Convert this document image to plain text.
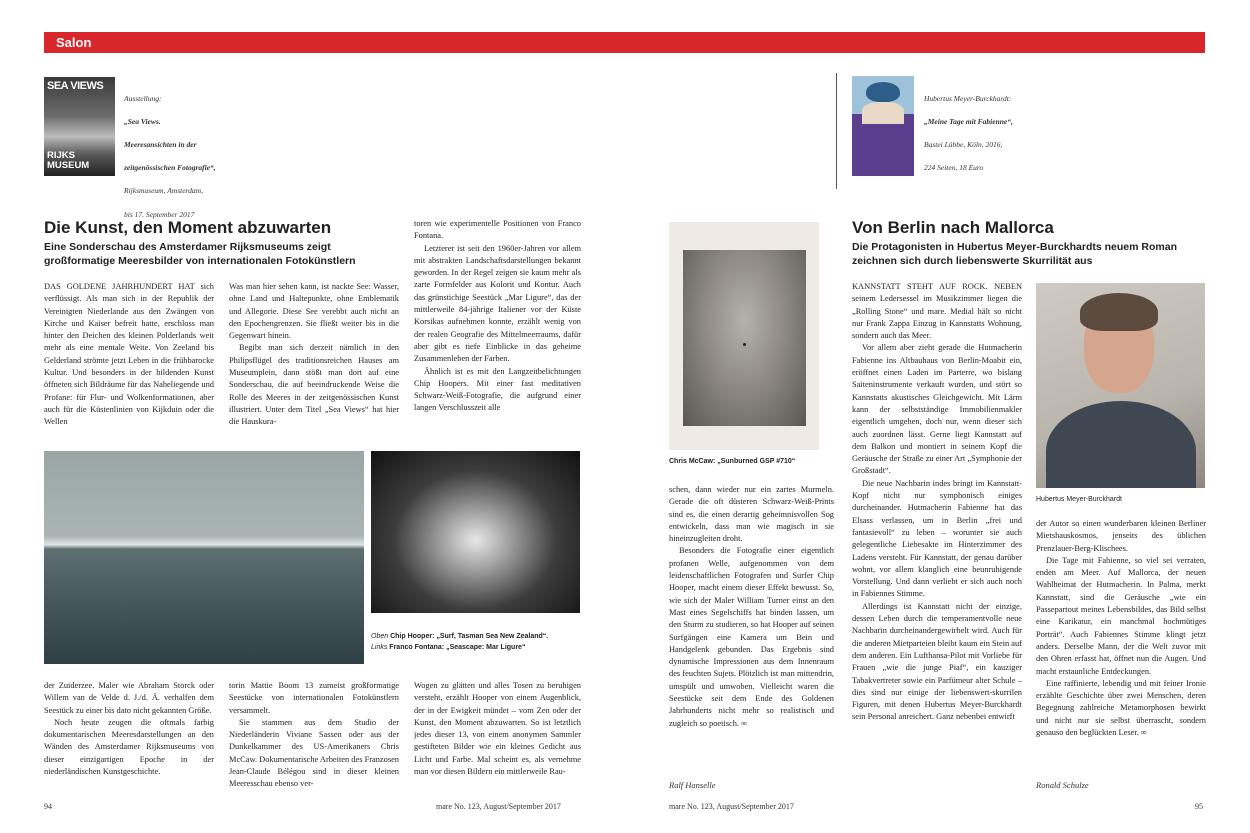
Salon
SEA VIEWS
RIJKS MUSEUM

Ausstellung:

„Sea Views.

Meeresansichten in der

zeitgenössischen Fotografie“,

Rijksmuseum, Amsterdam,

bis 17. September 2017

Hubertus Meyer-Burckhardt:

„Meine Tage mit Fabienne“,

Bastei Lübbe, Köln, 2016,

224 Seiten, 18 Euro

Die Kunst, den Moment abzuwarten
Eine Sonderschau des Amsterdamer Rijksmuseums zeigt großformatige Meeresbilder von internationalen Fotokünstlern

DAS GOLDENE JAHRHUNDERT HAT sich verflüssigt. Als man sich in der Republik der Vereinigten Niederlande aus den Zwängen von Kirche und Kaiser befreit hatte, erschloss man hinter den Deichen des kleinen Polderlands weit mehr als eine mentale Weite. Von Zeeland bis Gelderland strömte jetzt Leben in die frühbarocke Kultur. Und besonders in der bildenden Kunst öffneten sich Bildräume für das Naheliegende und Profane: für Flur- und Wolkenformationen, aber auch für die Küstenlinien von Kijkduin oder die Wellen

Was man hier sehen kann, ist nackte See: Wasser, ohne Land und Haltepunkte, ohne Emblematik und Allegorie. Diese See verebbt auch nicht an den Epochengrenzen. Sie fließt weiter bis in die Gegenwart hinein.

Begibt man sich derzeit nämlich in den Philipsflügel des traditionsreichen Hauses am Museumplein, dann stößt man dort auf eine Sonderschau, die auf beeindruckende Weise die Rolle des Meeres in der zeitgenössischen Kunst illustriert. Unter dem Titel „Sea Views“ hat hier die Hauskura-

toren wie experimentelle Positionen von Franco Fontana.

Letzterer ist seit den 1960er-Jahren vor allem mit abstrakten Landschaftsdarstellungen bekannt geworden. In der Regel zeigen sie kaum mehr als zarte Formfelder aus Kolorit und Kontur. Auch das grünstichige Seestück „Mar Ligure“, das der mittlerweile 84-jährige Italiener vor der Küste Korsikas aufnehmen konnte, erzählt wenig von der realen Geografie des Mittelmeerraums, dafür aber gibt es tiefe Einblicke in das geheime Zusammenleben der Farben.

Ähnlich ist es mit den Langzeitbelichtungen Chip Hoopers. Mit einer fast meditativen Schwarz-Weiß-Fotografie, die aufgrund einer langen Verschlusszeit alle

Oben Chip Hooper: „Surf, Tasman Sea New Zealand“.
Links Franco Fontana: „Seascape: Mar Ligure“

der Zuiderzee. Maler wie Abraham Storck oder Willem van de Velde d. J./d. Ä. verhalfen dem Seestück zu einer bis dato nicht gekannten Größe.

Noch heute zeugen die oftmals farbig dokumentarischen Meeresdarstellungen an den Wänden des Amsterdamer Rijksmuseums von dieser einzigartigen Epoche in der niederländischen Kunstgeschichte.

torin Mattie Boom 13 zumeist großformatige Seestücke von internationalen Fotokünstlern versammelt.

Sie stammen aus dem Studio der Niederländerin Viviane Sassen oder aus der Dunkelkammer des US-Amerikaners Chris McCaw. Dokumentarische Arbeiten des Franzosen Jean-Claude Bélégou sind in dieser kleinen Meeresschau ebenso ver-

Wogen zu glätten und alles Tosen zu beruhigen versteht, erzählt Hooper von einem Augenblick, der in der Ewigkeit mündet – vom Zen oder der Kunst, den Moment abzuwarten. So ist letztlich jedes dieser 13, von einem anonymen Sammler gestifteten Bilder wie ein kleines Gedicht aus Licht und Farbe. Mal scheint es, als vernehme man vor diesen Bildern ein mittlerweile Rau-

Chris McCaw: „Sunburned GSP #710“

schen, dann wieder nur ein zartes Murmeln. Gerade die oft düsteren Schwarz-Weiß-Prints sind es, die einen derartig geheimnisvollen Sog entwickeln, dass man wie magisch in sie hineinzugleiten droht.

Besonders die Fotografie einer eigentlich profanen Welle, aufgenommen von dem leidenschaftlichen Fotografen und Surfer Chip Hooper, macht einem dieser Effekt bewusst. So, wie sich der Maler William Turner einst an den Mast eines Segelschiffs hat binden lassen, um den Sturm zu studieren, so hat Hooper auf seinen Surfgängen eine Kamera um Bein und Handgelenk gebunden. Das Ergebnis sind dynamische Impressionen aus dem Innenraum des feuchten Sujets. Plötzlich ist man mittendrin, umspült und umwoben. Vielleicht waren die Seestücke seit dem Ende des Goldenen Jahrhunderts nicht mehr so realistisch und zugleich so poetisch. ∞

Ralf Hanselle
Von Berlin nach Mallorca
Die Protagonisten in Hubertus Meyer-Burckhardts neuem Roman zeichnen sich durch liebenswerte Skurrilität aus

KANNSTATT STEHT AUF ROCK. NEBEN seinem Ledersessel im Musikzimmer liegen die „Rolling Stone“ und mare. Medial hält so nicht nur Frank Zappa Einzug in Kannstatts Wohnung, sondern auch das Meer.

Vor allem aber zieht gerade die Hutmacherin Fabienne ins Altbauhaus von Berlin-Moabit ein, eröffnet einen Laden im Parterre, wo bislang Saiteninstrumente verkauft wurden, und stört so Kannstatts akustisches Gleichgewicht. Mit Lärm kann der selbstständige Immobilienmakler eigentlich umgehen, doch nur, wenn dieser sich auch zuordnen lässt. Gerne liegt Kannstatt auf dem Balkon und montiert in seinem Kopf die Geräusche der Straße zu einer Art „Symphonie der Großstadt“.

Die neue Nachbarin indes bringt im Kannstatt-Kopf nicht nur symphonisch einiges durcheinander. Hutmacherin Fabienne hat das Elsass verlassen, um in Berlin „frei und fantasievoll“ zu leben – worunter sie auch gelegentliche Liebesakte im Hinterzimmer des Ladens versteht. Für Kannstatt, der genau darüber wohnt, vor allem klanglich eine beunruhigende Vorstellung. Und dann verliebt er sich auch noch in Fabiennes Stimme.

Allerdings ist Kannstatt nicht der einzige, dessen Leben durch die temperamentvolle neue Nachbarin durcheinandergewirbelt wird. Auch für die anderen Mietparteien bleibt kaum ein Stein auf dem anderen. Ein Lufthansa-Pilot mit Vorliebe für Frauen „wie die junge Piaf“, ein kauziger Tabakvertreter sowie ein Parfümeur alter Schule – dies sind nur einige der liebenswert-skurrilen Figuren, mit denen Hubertus Meyer-Burckhardt sein Personal anreichert. Ganz nebenbei entwirft

Hubertus Meyer-Burckhardt

der Autor so einen wunderbaren kleinen Berliner Mietshauskosmos, jenseits des üblichen Prenzlauer-Berg-Klischees.

Die Tage mit Fabienne, so viel sei verraten, enden am Meer. Auf Mallorca, der neuen Wahlheimat der Hutmacherin. In Palma, merkt Kannstatt, sind die Geräusche „wie ein Passepartout meines Lebensbildes, das Bild selbst eine Karikatur, ein manchmal hochmütiges Porträt“. Auch Fabiennes Stimme klingt jetzt anders. Derselbe Mann, der die Welt zuvor mit den Ohren erfasst hat, öffnet nun die Augen. Und macht erstaunliche Entdeckungen.

Eine raffinierte, lebendig und mit feiner Ironie erzählte Geschichte über zwei Menschen, deren Begegnung zahlreiche Metamorphosen bewirkt und nicht nur sie selbst überrascht, sondern genauso den beglückten Leser. ∞

Ronald Schulze
94	mare No. 123, August/September 2017	mare No. 123, August/September 2017	95
